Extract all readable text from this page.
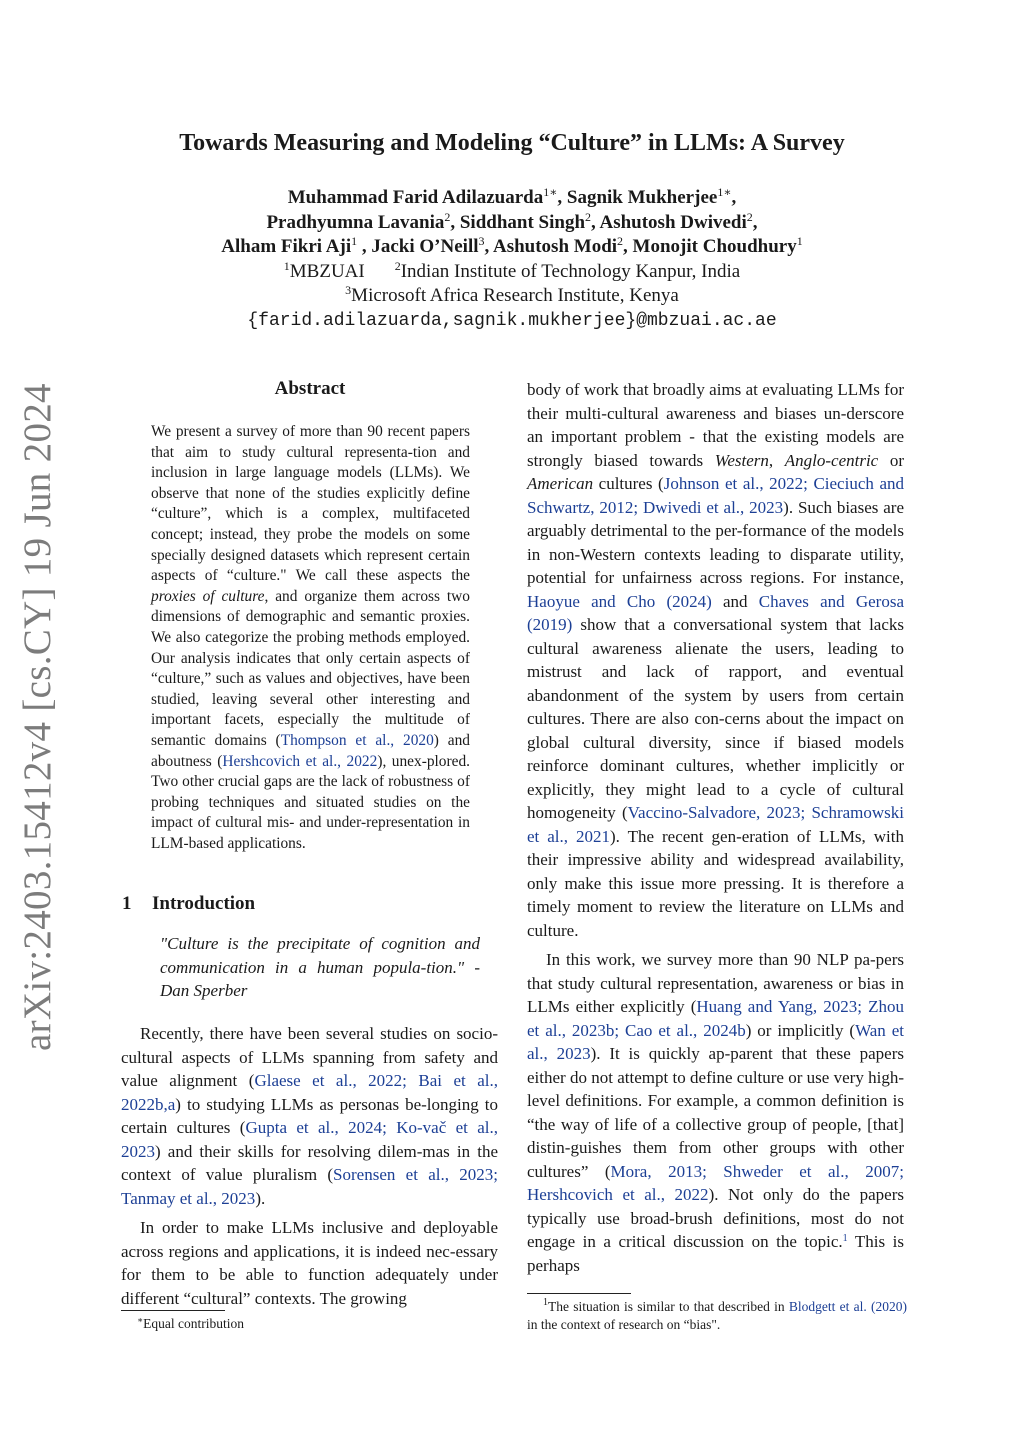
Towards Measuring and Modeling “Culture” in LLMs: A Survey
Muhammad Farid Adilazuarda$^{1∗}$, Sagnik Mukherjee$^{1∗}$,
Pradhyumna Lavania$^2$, Siddhant Singh$^2$, Ashutosh Dwivedi$^2$,
Alham Fikri Aji$^1$ , Jacki O’Neill$^3$, Ashutosh Modi$^2$, Monojit Choudhury$^1$
$^1$MBZUAI	$^2$Indian Institute of Technology Kanpur, India
$^3$Microsoft Africa Research Institute, Kenya
{farid.adilazuarda,sagnik.mukherjee}@mbzuai.ac.ae
arXiv:2403.15412v4 [cs.CY] 19 Jun 2024	Abstract
We present a survey of more than 90 recent papers that aim to study cultural representa-tion and inclusion in large language models (LLMs). We observe that none of the studies explicitly define “culture”, which is a complex, multifaceted concept; instead, they probe the models on some specially designed datasets which represent certain aspects of “culture." We call these aspects the proxies of culture, and organize them across two dimensions of demographic and semantic proxies. We also categorize the probing methods employed. Our analysis indicates that only certain aspects of “culture,” such as values and objectives, have been studied, leaving several other interesting and important facets, especially the multitude of semantic domains (Thompson et al., 2020) and aboutness (Hershcovich et al., 2022), unex-plored. Two other crucial gaps are the lack of robustness of probing techniques and situated studies on the impact of cultural mis- and under-representation in LLM-based applications.
1 Introduction
"Culture is the precipitate of cognition and communication in a human popula-tion." - Dan Sperber

Recently, there have been several studies on socio-cultural aspects of LLMs spanning from safety and value alignment (Glaese et al., 2022; Bai et al., 2022b,a) to studying LLMs as personas be-longing to certain cultures (Gupta et al., 2024; Ko-vač et al., 2023) and their skills for resolving dilem-mas in the context of value pluralism (Sorensen et al., 2023; Tanmay et al., 2023).

In order to make LLMs inclusive and deployable across regions and applications, it is indeed nec-essary for them to be able to function adequately under different “cultural” contexts. The growing

body of work that broadly aims at evaluating LLMs for their multi-cultural awareness and biases un-derscore an important problem - that the existing models are strongly biased towards Western, Anglo-centric or American cultures (Johnson et al., 2022; Cieciuch and Schwartz, 2012; Dwivedi et al., 2023). Such biases are arguably detrimental to the per-formance of the models in non-Western contexts leading to disparate utility, potential for unfairness across regions. For instance, Haoyue and Cho (2024) and Chaves and Gerosa (2019) show that a conversational system that lacks cultural awareness alienate the users, leading to mistrust and lack of rapport, and eventual abandonment of the system by users from certain cultures. There are also con-cerns about the impact on global cultural diversity, since if biased models reinforce dominant cultures, whether implicitly or explicitly, they might lead to a cycle of cultural homogeneity (Vaccino-Salvadore, 2023; Schramowski et al., 2021). The recent gen-eration of LLMs, with their impressive ability and widespread availability, only make this issue more pressing. It is therefore a timely moment to review the literature on LLMs and culture.

In this work, we survey more than 90 NLP pa-pers that study cultural representation, awareness or bias in LLMs either explicitly (Huang and Yang, 2023; Zhou et al., 2023b; Cao et al., 2024b) or implicitly (Wan et al., 2023). It is quickly ap-parent that these papers either do not attempt to define culture or use very high-level definitions. For example, a common definition is “the way of life of a collective group of people, [that] distin-guishes them from other groups with other cultures” (Mora, 2013; Shweder et al., 2007; Hershcovich et al., 2022). Not only do the papers typically use broad-brush definitions, most do not engage in a critical discussion on the topic.$^1$ This is perhaps

∗Equal contribution
$^1$The situation is similar to that described in Blodgett et al. (2020) in the context of research on “bias".
